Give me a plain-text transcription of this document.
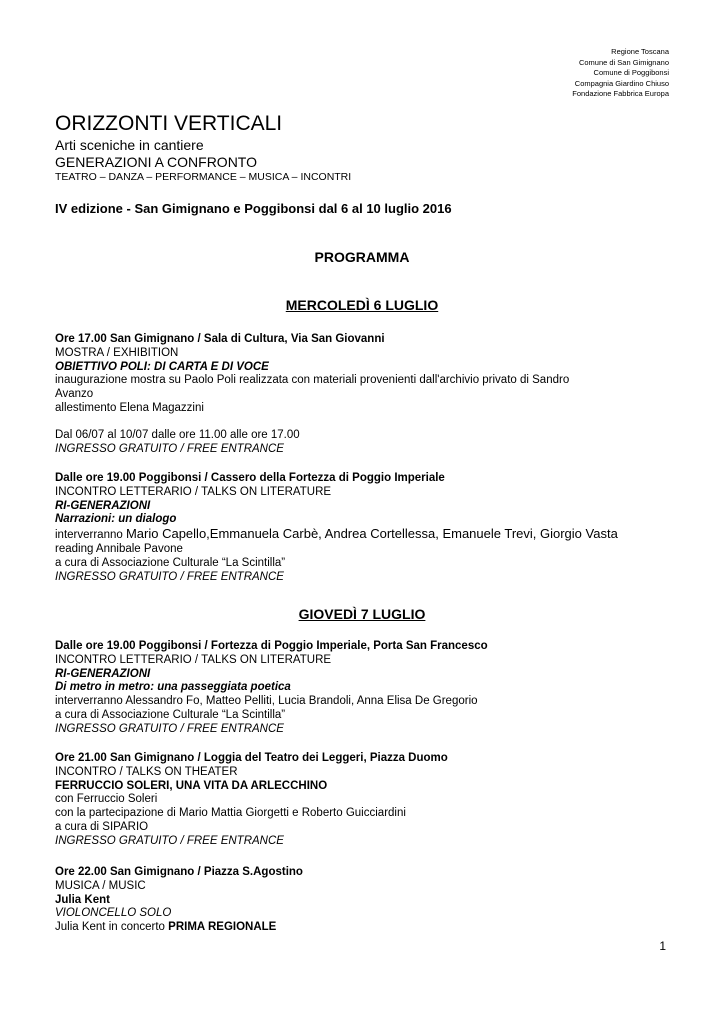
Regione Toscana
Comune di San Gimignano
Comune di Poggibonsi
Compagnia Giardino Chiuso
Fondazione Fabbrica Europa
ORIZZONTI VERTICALI

Arti sceniche in cantiere

GENERAZIONI A CONFRONTO

TEATRO – DANZA – PERFORMANCE – MUSICA – INCONTRI

IV edizione - San Gimignano e Poggibonsi dal 6 al 10 luglio 2016
PROGRAMMA
MERCOLEDÌ 6 LUGLIO
Ore 17.00 San Gimignano / Sala di Cultura, Via San Giovanni
MOSTRA / EXHIBITION
OBIETTIVO POLI: DI CARTA E DI VOCE
inaugurazione mostra su Paolo Poli realizzata con materiali provenienti dall'archivio privato di Sandro
Avanzo
allestimento Elena Magazzini
Dal 06/07 al 10/07 dalle ore 11.00 alle ore 17.00
INGRESSO GRATUITO / FREE ENTRANCE
Dalle ore 19.00 Poggibonsi / Cassero della Fortezza di Poggio Imperiale
INCONTRO LETTERARIO / TALKS ON LITERATURE
RI-GENERAZIONI
Narrazioni: un dialogo
interverranno Mario Capello,Emmanuela Carbè, Andrea Cortellessa, Emanuele Trevi, Giorgio Vasta
reading Annibale Pavone
a cura di Associazione Culturale “La Scintilla”
INGRESSO GRATUITO / FREE ENTRANCE
GIOVEDÌ 7 LUGLIO
Dalle ore 19.00 Poggibonsi / Fortezza di Poggio Imperiale, Porta San Francesco
INCONTRO LETTERARIO / TALKS ON LITERATURE
RI-GENERAZIONI
Di metro in metro: una passeggiata poetica
interverranno Alessandro Fo, Matteo Pelliti, Lucia Brandoli, Anna Elisa De Gregorio
a cura di Associazione Culturale “La Scintilla”
INGRESSO GRATUITO / FREE ENTRANCE
Ore 21.00 San Gimignano / Loggia del Teatro dei Leggeri, Piazza Duomo
INCONTRO / TALKS ON THEATER
FERRUCCIO SOLERI, UNA VITA DA ARLECCHINO
con Ferruccio Soleri
con la partecipazione di Mario Mattia Giorgetti e Roberto Guicciardini
a cura di SIPARIO
INGRESSO GRATUITO / FREE ENTRANCE
Ore 22.00 San Gimignano / Piazza S.Agostino
MUSICA / MUSIC
Julia Kent
VIOLONCELLO SOLO
Julia Kent in concerto PRIMA REGIONALE
1
